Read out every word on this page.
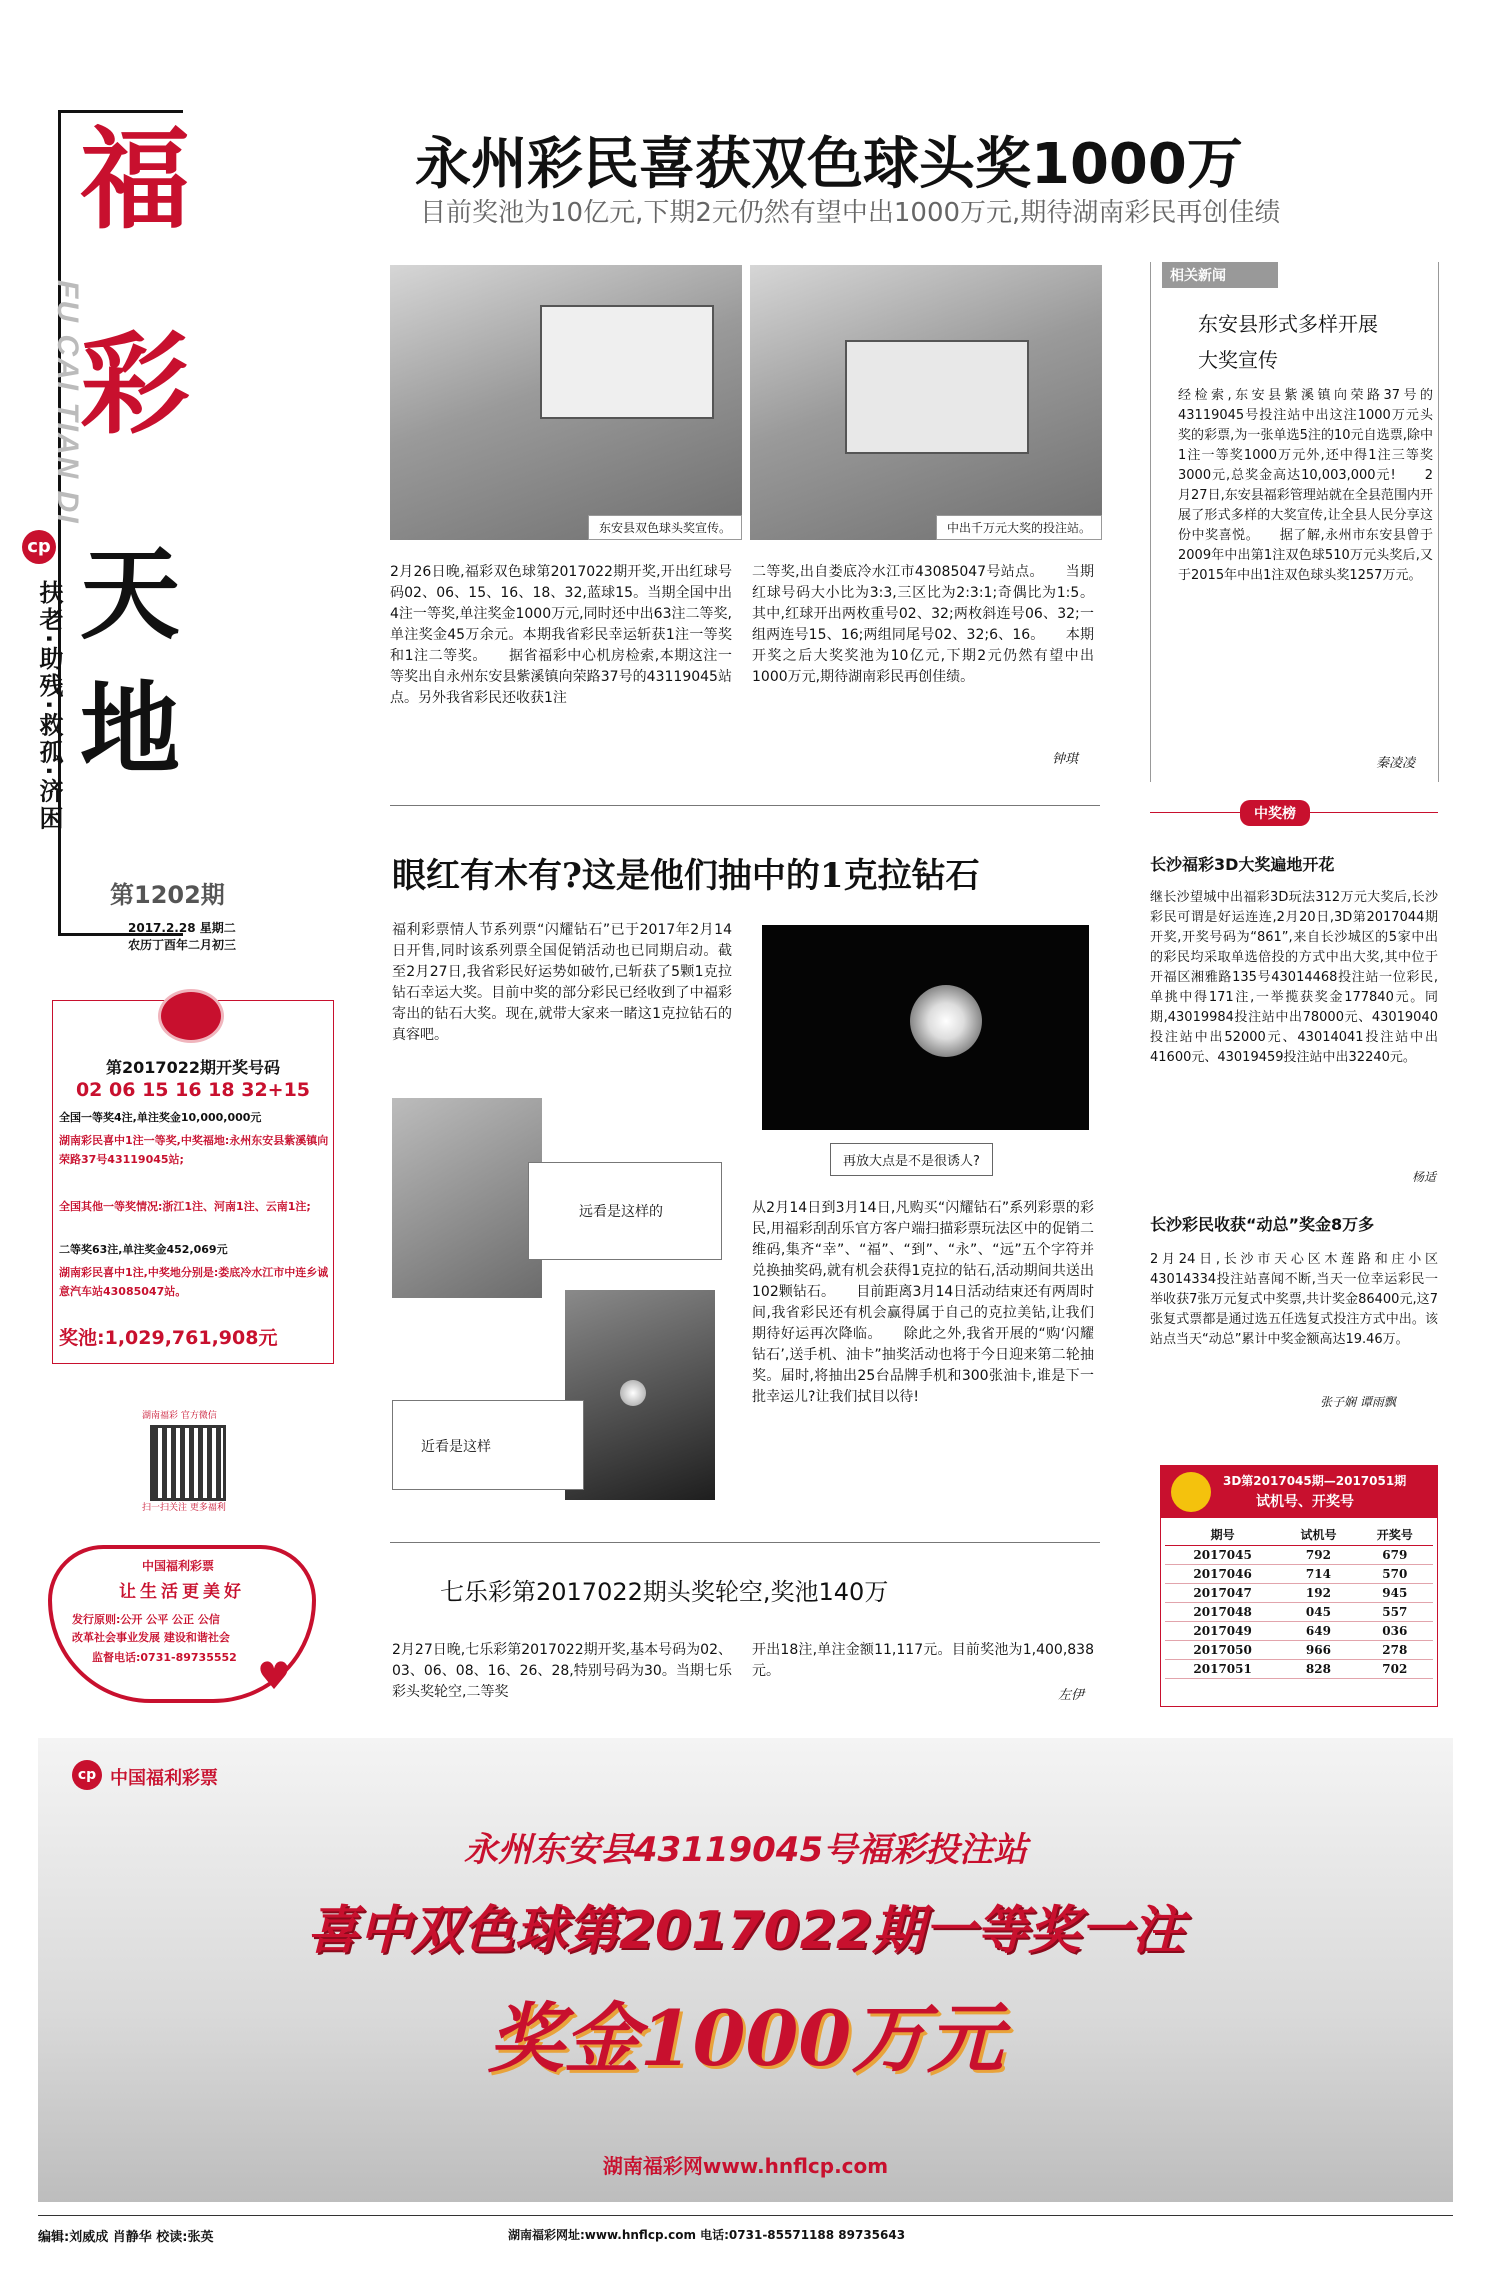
FU CAI TIAN DI
福
彩
cp
扶老·助残·救孤·济困 天
地
第1202期
2017.2.28 星期二
农历丁酉年二月初三
第2017022期开奖号码
02 06 15 16 18 32+15
全国一等奖4注,单注奖金10,000,000元
湖南彩民喜中1注一等奖,中奖福地:永州东安县紫溪镇向荣路37号43119045站;
全国其他一等奖情况:浙江1注、河南1注、云南1注;
二等奖63注,单注奖金452,069元
湖南彩民喜中1注,中奖地分别是:娄底冷水江市中连乡诚意汽车站43085047站。
奖池:1,029,761,908元
湖南福彩 官方微信
扫一扫关注 更多福利
中国福利彩票
让生活更美好
发行原则:公开 公平 公正 公信
改革社会事业发展 建设和谐社会
监督电话:0731-89735552 ♥
永州彩民喜获双色球头奖1000万
目前奖池为10亿元,下期2元仍然有望中出1000万元,期待湖南彩民再创佳绩
东安县双色球头奖宣传。	中出千万元大奖的投注站。
2月26日晚,福彩双色球第2017022期开奖,开出红球号码02、06、15、16、18、32,蓝球15。当期全国中出4注一等奖,单注奖金1000万元,同时还中出63注二等奖,单注奖金45万余元。本期我省彩民幸运斩获1注一等奖和1注二等奖。　　据省福彩中心机房检索,本期这注一等奖出自永州东安县紫溪镇向荣路37号的43119045站点。另外我省彩民还收获1注
二等奖,出自娄底冷水江市43085047号站点。　　当期红球号码大小比为3:3,三区比为2:3:1;奇偶比为1:5。其中,红球开出两枚重号02、32;两枚斜连号06、32;一组两连号15、16;两组同尾号02、32;6、16。　　本期开奖之后大奖奖池为10亿元,下期2元仍然有望中出1000万元,期待湖南彩民再创佳绩。
钟琪
相关新闻
东安县形式多样开展大奖宣传
经检索,东安县紫溪镇向荣路37号的43119045号投注站中出这注1000万元头奖的彩票,为一张单选5注的10元自选票,除中1注一等奖1000万元外,还中得1注三等奖3000元,总奖金高达10,003,000元!　　2月27日,东安县福彩管理站就在全县范围内开展了形式多样的大奖宣传,让全县人民分享这份中奖喜悦。　　据了解,永州市东安县曾于2009年中出第1注双色球510万元头奖后,又于2015年中出1注双色球头奖1257万元。
秦凌凌
眼红有木有?这是他们抽中的1克拉钻石
福利彩票情人节系列票“闪耀钻石”已于2017年2月14日开售,同时该系列票全国促销活动也已同期启动。截至2月27日,我省彩民好运势如破竹,已斩获了5颗1克拉钻石幸运大奖。目前中奖的部分彩民已经收到了中福彩寄出的钻石大奖。现在,就带大家来一睹这1克拉钻石的真容吧。
再放大点是不是很诱人?
远看是这样的
近看是这样
从2月14日到3月14日,凡购买“闪耀钻石”系列彩票的彩民,用福彩刮刮乐官方客户端扫描彩票玩法区中的促销二维码,集齐“幸”、“福”、“到”、“永”、“远”五个字符并兑换抽奖码,就有机会获得1克拉的钻石,活动期间共送出102颗钻石。　　目前距离3月14日活动结束还有两周时间,我省彩民还有机会赢得属于自己的克拉美钻,让我们期待好运再次降临。　　除此之外,我省开展的“购‘闪耀钻石’,送手机、油卡”抽奖活动也将于今日迎来第二轮抽奖。届时,将抽出25台品牌手机和300张油卡,谁是下一批幸运儿?让我们拭目以待!
七乐彩第2017022期头奖轮空,奖池140万
2月27日晚,七乐彩第2017022期开奖,基本号码为02、03、06、08、16、26、28,特别号码为30。当期七乐彩头奖轮空,二等奖
开出18注,单注金额11,117元。目前奖池为1,400,838元。
左伊
中奖榜
长沙福彩3D大奖遍地开花
继长沙望城中出福彩3D玩法312万元大奖后,长沙彩民可谓是好运连连,2月20日,3D第2017044期开奖,开奖号码为“861”,来自长沙城区的5家中出的彩民均采取单选倍投的方式中出大奖,其中位于开福区湘雅路135号43014468投注站一位彩民,单挑中得171注,一举揽获奖金177840元。同期,43019984投注站中出78000元、43019040投注站中出52000元、43014041投注站中出41600元、43019459投注站中出32240元。
杨适
长沙彩民收获“动总”奖金8万多
2月24日,长沙市天心区木莲路和庄小区43014334投注站喜闻不断,当天一位幸运彩民一举收获7张万元复式中奖票,共计奖金86400元,这7张复式票都是通过选五任选复式投注方式中出。该站点当天“动总”累计中奖金额高达19.46万。
张子娴 谭雨飘
3D第2017045期—2017051期
试机号、开奖号
期号	试机号	开奖号
2017045	792	679
2017046	714	570
2017047	192	945
2017048	045	557
2017049	649	036
2017050	966	278
2017051	828	702
cp 中国福利彩票
永州东安县43119045号福彩投注站
喜中双色球第2017022期一等奖一注
奖金1000万元
湖南福彩网www.hnflcp.com
编辑:刘威成 肖静华 校读:张英	湖南福彩网址:www.hnflcp.com 电话:0731-85571188 89735643
